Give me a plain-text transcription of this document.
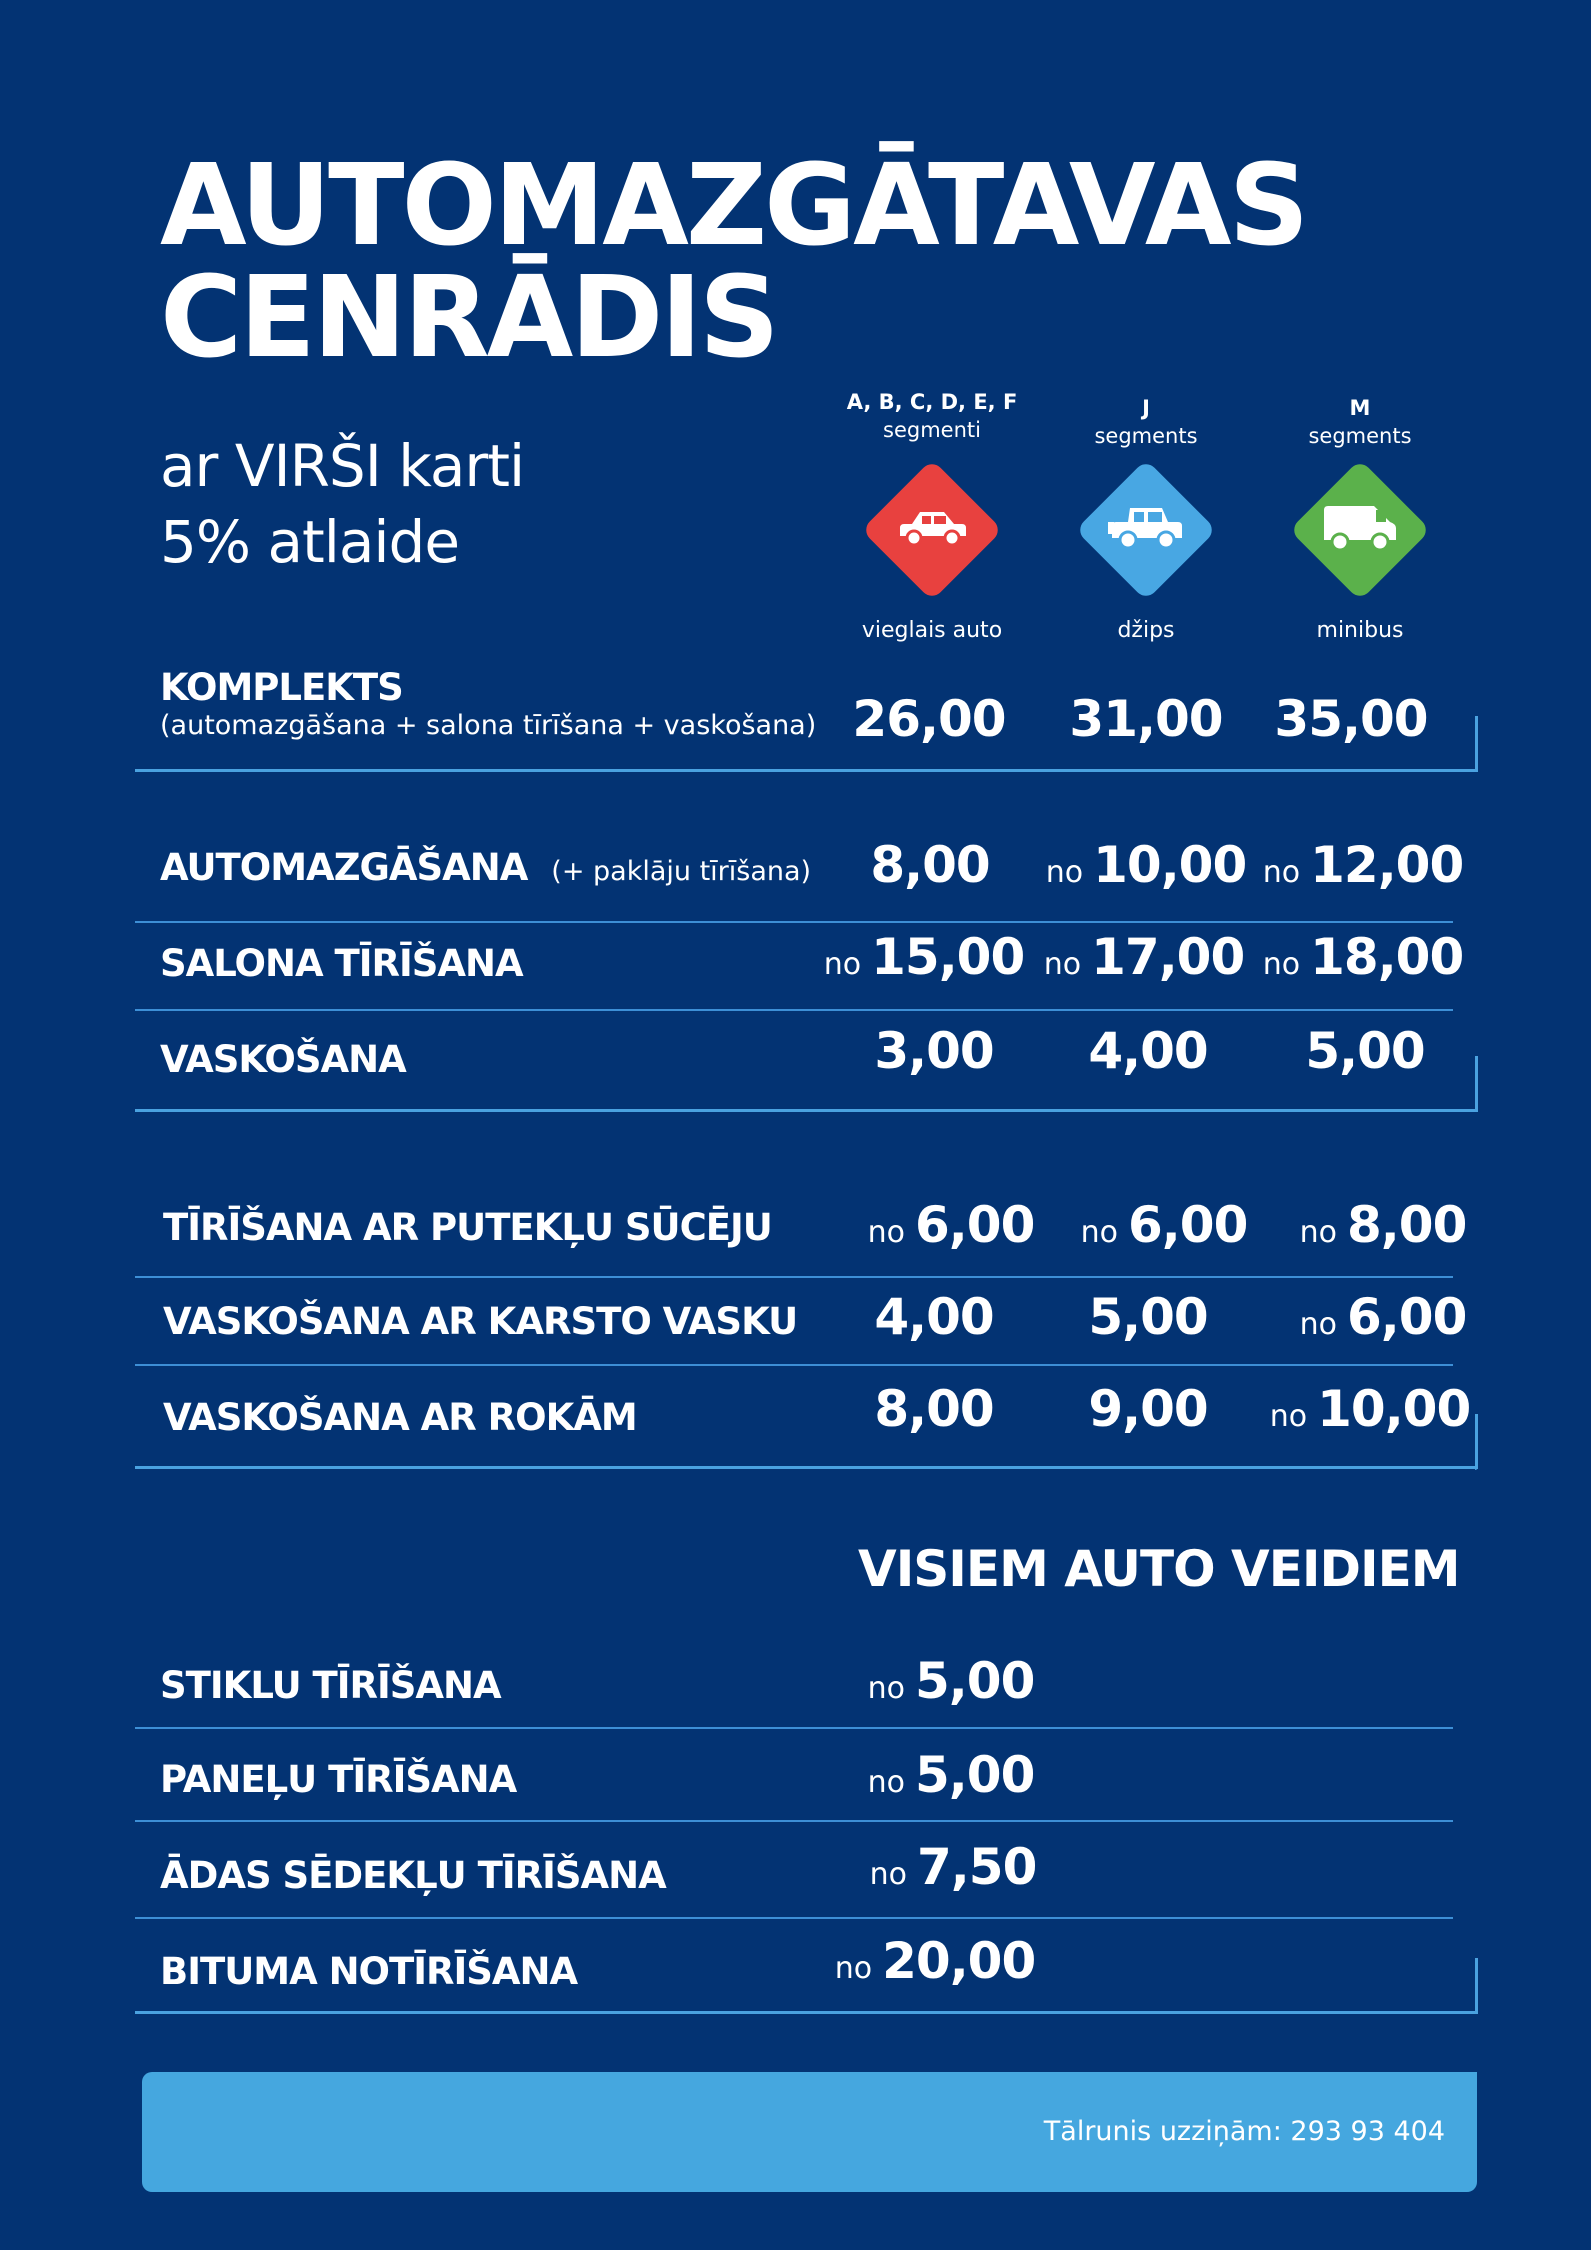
AUTOMAZGĀTAVAS
CENRĀDIS
ar VIRŠI karti
5% atlaide
A, B, C, D, E, F
segmenti
J
segments
M
segments
vieglais auto	džips	minibus
KOMPLEKTS
(automazgāšana + salona tīrīšana + vaskošana) 26,00	31,00	35,00
AUTOMAZGĀŠANA (+ paklāju tīrīšana)	8,00	no 10,00 no 12,00
SALONA TĪRĪŠANA	no 15,00 no 17,00 no 18,00
VASKOŠANA	3,00	4,00	5,00
TĪRĪŠANA AR PUTEKĻU SŪCĒJU	no 6,00	no 6,00	no 8,00
VASKOŠANA AR KARSTO VASKU	4,00	5,00	no 6,00
VASKOŠANA AR ROKĀM	8,00	9,00	no 10,00
VISIEM AUTO VEIDIEM
STIKLU TĪRĪŠANA	no 5,00
PANEĻU TĪRĪŠANA	no 5,00
ĀDAS SĒDEKĻU TĪRĪŠANA	no 7,50
BITUMA NOTĪRĪŠANA	no 20,00
Tālrunis uzziņām: 293 93 404
